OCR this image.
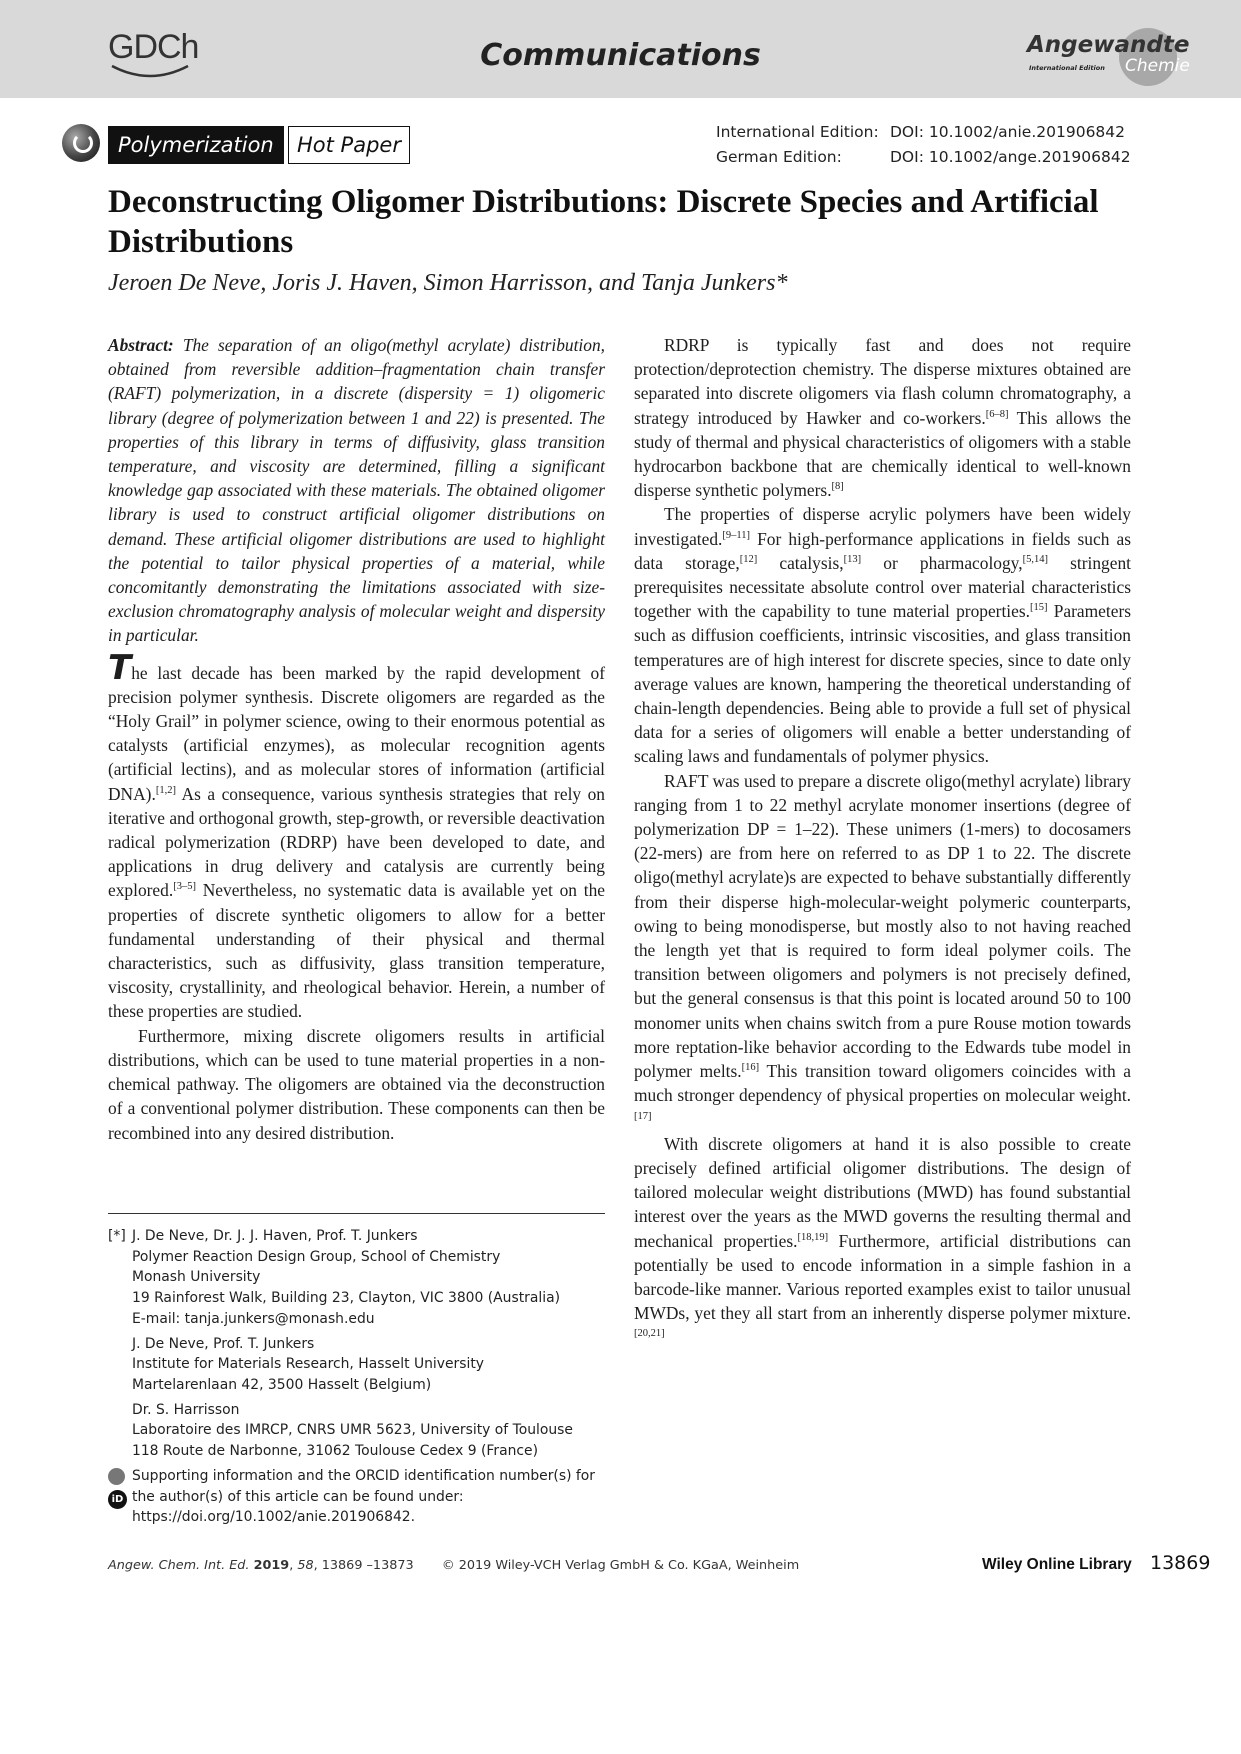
GDCh	Communications	Angewandte
International Edition Chemie
Polymerization	Hot Paper
International Edition: DOI: 10.1002/anie.201906842
German Edition:	DOI: 10.1002/ange.201906842
Deconstructing Oligomer Distributions: Discrete Species and Artificial Distributions
Jeroen De Neve, Joris J. Haven, Simon Harrisson, and Tanja Junkers*

Abstract: The separation of an oligo(methyl acrylate) distribution, obtained from reversible addition–fragmentation chain transfer (RAFT) polymerization, in a discrete (dispersity = 1) oligomeric library (degree of polymerization between 1 and 22) is presented. The properties of this library in terms of diffusivity, glass transition temperature, and viscosity are determined, filling a significant knowledge gap associated with these materials. The obtained oligomer library is used to construct artificial oligomer distributions on demand. These artificial oligomer distributions are used to highlight the potential to tailor physical properties of a material, while concomitantly demonstrating the limitations associated with size-exclusion chromatography analysis of molecular weight and dispersity in particular.

The last decade has been marked by the rapid development of precision polymer synthesis. Discrete oligomers are regarded as the “Holy Grail” in polymer science, owing to their enormous potential as catalysts (artificial enzymes), as molecular recognition agents (artificial lectins), and as molecular stores of information (artificial DNA).[1,2] As a consequence, various synthesis strategies that rely on iterative and orthogonal growth, step-growth, or reversible deactivation radical polymerization (RDRP) have been developed to date, and applications in drug delivery and catalysis are currently being explored.[3–5] Nevertheless, no systematic data is available yet on the properties of discrete synthetic oligomers to allow for a better fundamental understanding of their physical and thermal characteristics, such as diffusivity, glass transition temperature, viscosity, crystallinity, and rheological behavior. Herein, a number of these properties are studied.

Furthermore, mixing discrete oligomers results in artificial distributions, which can be used to tune material properties in a non-chemical pathway. The oligomers are obtained via the deconstruction of a conventional polymer distribution. These components can then be recombined into any desired distribution.

RDRP is typically fast and does not require protection/deprotection chemistry. The disperse mixtures obtained are separated into discrete oligomers via flash column chromatography, a strategy introduced by Hawker and co-workers.[6–8] This allows the study of thermal and physical characteristics of oligomers with a stable hydrocarbon backbone that are chemically identical to well-known disperse synthetic polymers.[8]

The properties of disperse acrylic polymers have been widely investigated.[9–11] For high-performance applications in fields such as data storage,[12] catalysis,[13] or pharmacology,[5,14] stringent prerequisites necessitate absolute control over material characteristics together with the capability to tune material properties.[15] Parameters such as diffusion coefficients, intrinsic viscosities, and glass transition temperatures are of high interest for discrete species, since to date only average values are known, hampering the theoretical understanding of chain-length dependencies. Being able to provide a full set of physical data for a series of oligomers will enable a better understanding of scaling laws and fundamentals of polymer physics.

RAFT was used to prepare a discrete oligo(methyl acrylate) library ranging from 1 to 22 methyl acrylate monomer insertions (degree of polymerization DP = 1–22). These unimers (1-mers) to docosamers (22-mers) are from here on referred to as DP 1 to 22. The discrete oligo(methyl acrylate)s are expected to behave substantially differently from their disperse high-molecular-weight polymeric counterparts, owing to being monodisperse, but mostly also to not having reached the length yet that is required to form ideal polymer coils. The transition between oligomers and polymers is not precisely defined, but the general consensus is that this point is located around 50 to 100 monomer units when chains switch from a pure Rouse motion towards more reptation-like behavior according to the Edwards tube model in polymer melts.[16] This transition toward oligomers coincides with a much stronger dependency of physical properties on molecular weight.[17]

With discrete oligomers at hand it is also possible to create precisely defined artificial oligomer distributions. The design of tailored molecular weight distributions (MWD) has found substantial interest over the years as the MWD governs the resulting thermal and mechanical properties.[18,19] Furthermore, artificial distributions can potentially be used to encode information in a simple fashion in a barcode-like manner. Various reported examples exist to tailor unusual MWDs, yet they all start from an inherently disperse polymer mixture.[20,21]

[*] J. De Neve, Dr. J. J. Haven, Prof. T. Junkers
Polymer Reaction Design Group, School of Chemistry
Monash University
19 Rainforest Walk, Building 23, Clayton, VIC 3800 (Australia)
E-mail: tanja.junkers@monash.edu
J. De Neve, Prof. T. Junkers
Institute for Materials Research, Hasselt University
Martelarenlaan 42, 3500 Hasselt (Belgium)
Dr. S. Harrisson
Laboratoire des IMRCP, CNRS UMR 5623, University of Toulouse
118 Route de Narbonne, 31062 Toulouse Cedex 9 (France)
iD
Supporting information and the ORCID identification number(s) for
the author(s) of this article can be found under:
https://doi.org/10.1002/anie.201906842.
Angew. Chem. Int. Ed. 2019, 58, 13869 –13873	© 2019 Wiley-VCH Verlag GmbH & Co. KGaA, Weinheim	Wiley Online Library 13869
